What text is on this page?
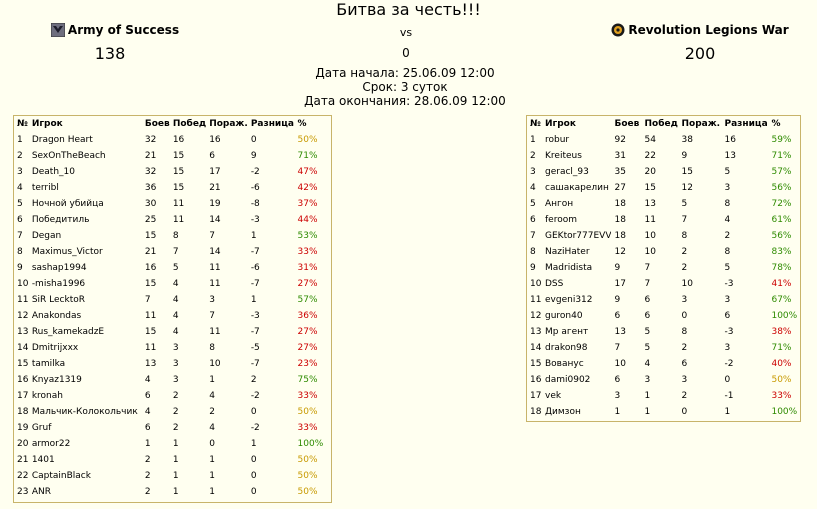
Битва за честь!!!
Army of Success
138
vs
0
Revolution Legions War
200
Дата начала: 25.06.09 12:00
Срок: 3 суток
Дата окончания: 28.06.09 12:00
№	Игрок	Боев	Побед	Пораж.	Разница	%
1	Dragon Heart	32	16	16	0	50%
2	SexOnTheBeach	21	15	6	9	71%
3	Death_10	32	15	17	-2	47%
4	terribl	36	15	21	-6	42%
5	Ночной убийца	30	11	19	-8	37%
6	Победитиль	25	11	14	-3	44%
7	Degan	15	8	7	1	53%
8	Maximus_Victor	21	7	14	-7	33%
9	sashap1994	16	5	11	-6	31%
10	-misha1996	15	4	11	-7	27%
11	SiR LecktoR	7	4	3	1	57%
12	Anakondas	11	4	7	-3	36%
13	Rus_kamekadzE	15	4	11	-7	27%
14	Dmitrijxxx	11	3	8	-5	27%
15	tamilka	13	3	10	-7	23%
16	Knyaz1319	4	3	1	2	75%
17	kronah	6	2	4	-2	33%
18	Мальчик-Колокольчик	4	2	2	0	50%
19	Gruf	6	2	4	-2	33%
20	armor22	1	1	0	1	100%
21	1401	2	1	1	0	50%
22	CaptainBlack	2	1	1	0	50%
23	ANR	2	1	1	0	50%
№	Игрок	Боев	Побед	Пораж.	Разница	%
1	robur	92	54	38	16	59%
2	Kreiteus	31	22	9	13	71%
3	geracl_93	35	20	15	5	57%
4	сашакарелин	27	15	12	3	56%
5	Ангон	18	13	5	8	72%
6	feroom	18	11	7	4	61%
7	GEKtor777EVV	18	10	8	2	56%
8	NaziHater	12	10	2	8	83%
9	Madridista	9	7	2	5	78%
10	DSS	17	7	10	-3	41%
11	evgeni312	9	6	3	3	67%
12	guron40	6	6	0	6	100%
13	Mp агент	13	5	8	-3	38%
14	drakon98	7	5	2	3	71%
15	Вованус	10	4	6	-2	40%
16	dami0902	6	3	3	0	50%
17	vek	3	1	2	-1	33%
18	Димзон	1	1	0	1	100%
